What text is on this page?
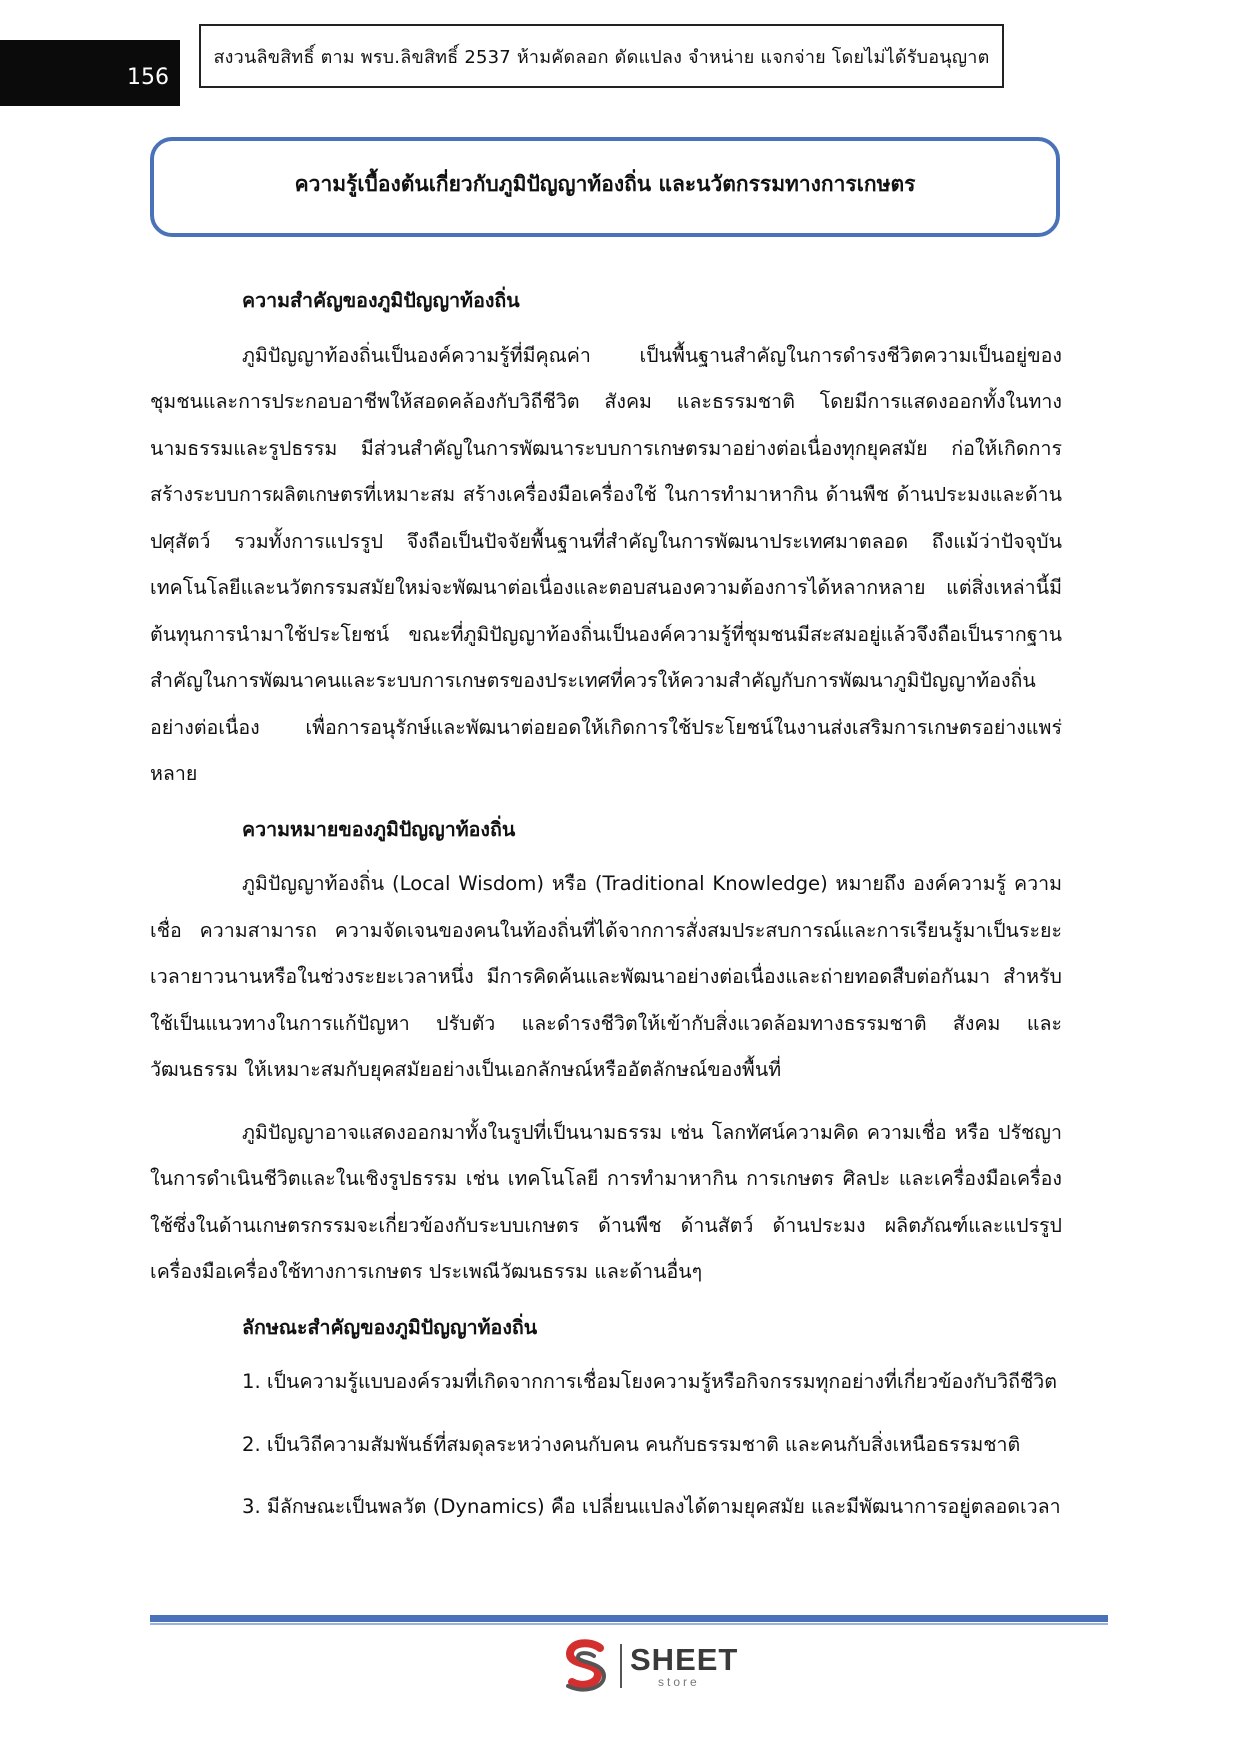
156
สงวนลิขสิทธิ์ ตาม พรบ.ลิขสิทธิ์ 2537 ห้ามคัดลอก ดัดแปลง จำหน่าย แจกจ่าย โดยไม่ได้รับอนุญาต
ความรู้เบื้องต้นเกี่ยวกับภูมิปัญญาท้องถิ่น และนวัตกรรมทางการเกษตร
ความสำคัญของภูมิปัญญาท้องถิ่น

ภูมิปัญญาท้องถิ่นเป็นองค์ความรู้ที่มีคุณค่า เป็นพื้นฐานสำคัญในการดำรงชีวิตความเป็นอยู่ของชุมชนและการประกอบอาชีพให้สอดคล้องกับวิถีชีวิต สังคม และธรรมชาติ โดยมีการแสดงออกทั้งในทางนามธรรมและรูปธรรม มีส่วนสำคัญในการพัฒนาระบบการเกษตรมาอย่างต่อเนื่องทุกยุคสมัย ก่อให้เกิดการสร้างระบบการผลิตเกษตรที่เหมาะสม สร้างเครื่องมือเครื่องใช้ ในการทำมาหากิน ด้านพืช ด้านประมงและด้านปศุสัตว์ รวมทั้งการแปรรูป จึงถือเป็นปัจจัยพื้นฐานที่สำคัญในการพัฒนาประเทศมาตลอด ถึงแม้ว่าปัจจุบันเทคโนโลยีและนวัตกรรมสมัยใหม่จะพัฒนาต่อเนื่องและตอบสนองความต้องการได้หลากหลาย แต่สิ่งเหล่านี้มีต้นทุนการนำมาใช้ประโยชน์ ขณะที่ภูมิปัญญาท้องถิ่นเป็นองค์ความรู้ที่ชุมชนมีสะสมอยู่แล้วจึงถือเป็นรากฐานสำคัญในการพัฒนาคนและระบบการเกษตรของประเทศที่ควรให้ความสำคัญกับการพัฒนาภูมิปัญญาท้องถิ่นอย่างต่อเนื่อง เพื่อการอนุรักษ์และพัฒนาต่อยอดให้เกิดการใช้ประโยชน์ในงานส่งเสริมการเกษตรอย่างแพร่หลาย

ความหมายของภูมิปัญญาท้องถิ่น

ภูมิปัญญาท้องถิ่น (Local Wisdom) หรือ (Traditional Knowledge) หมายถึง องค์ความรู้ ความเชื่อ ความสามารถ ความจัดเจนของคนในท้องถิ่นที่ได้จากการสั่งสมประสบการณ์และการเรียนรู้มาเป็นระยะเวลายาวนานหรือในช่วงระยะเวลาหนึ่ง มีการคิดค้นและพัฒนาอย่างต่อเนื่องและถ่ายทอดสืบต่อกันมา สำหรับใช้เป็นแนวทางในการแก้ปัญหา ปรับตัว และดำรงชีวิตให้เข้ากับสิ่งแวดล้อมทางธรรมชาติ สังคม และวัฒนธรรม ให้เหมาะสมกับยุคสมัยอย่างเป็นเอกลักษณ์หรืออัตลักษณ์ของพื้นที่

ภูมิปัญญาอาจแสดงออกมาทั้งในรูปที่เป็นนามธรรม เช่น โลกทัศน์ความคิด ความเชื่อ หรือ ปรัชญาในการดำเนินชีวิตและในเชิงรูปธรรม เช่น เทคโนโลยี การทำมาหากิน การเกษตร ศิลปะ และเครื่องมือเครื่องใช้ซึ่งในด้านเกษตรกรรมจะเกี่ยวข้องกับระบบเกษตร ด้านพืช ด้านสัตว์ ด้านประมง ผลิตภัณฑ์และแปรรูป เครื่องมือเครื่องใช้ทางการเกษตร ประเพณีวัฒนธรรม และด้านอื่นๆ

ลักษณะสำคัญของภูมิปัญญาท้องถิ่น

1. เป็นความรู้แบบองค์รวมที่เกิดจากการเชื่อมโยงความรู้หรือกิจกรรมทุกอย่างที่เกี่ยวข้องกับวิถีชีวิต

2. เป็นวิถีความสัมพันธ์ที่สมดุลระหว่างคนกับคน คนกับธรรมชาติ และคนกับสิ่งเหนือธรรมชาติ

3. มีลักษณะเป็นพลวัต (Dynamics) คือ เปลี่ยนแปลงได้ตามยุคสมัย และมีพัฒนาการอยู่ตลอดเวลา

SHEET
store
